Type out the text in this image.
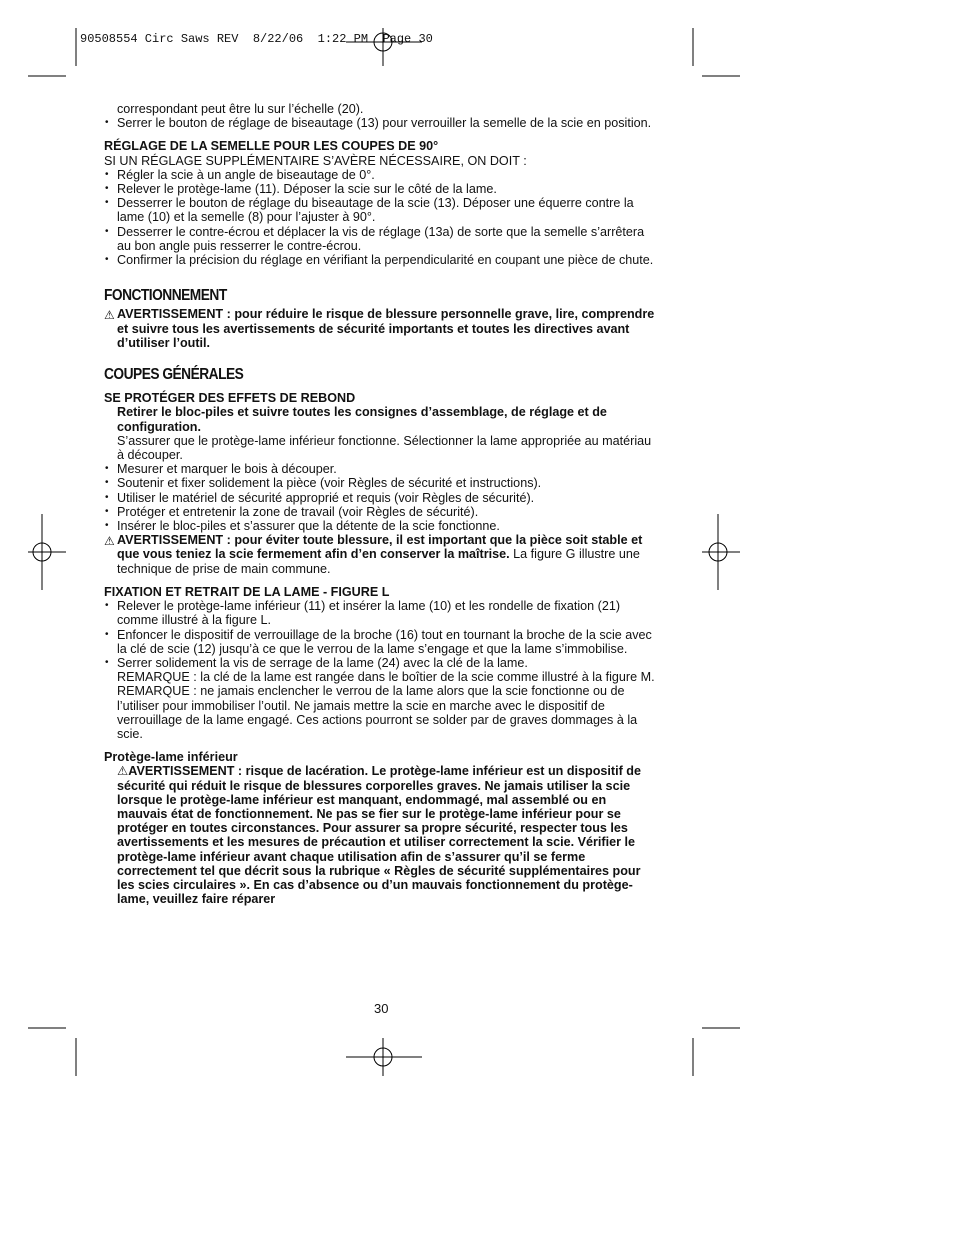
90508554 Circ Saws REV  8/22/06  1:22 PM  Page 30

correspondant peut être lu sur l’échelle (20).

• Serrer le bouton de réglage de biseautage (13) pour verrouiller la semelle de la scie en position.

RÉGLAGE DE LA SEMELLE POUR LES COUPES DE 90°

SI UN RÉGLAGE SUPPLÉMENTAIRE S’AVÈRE NÉCESSAIRE, ON DOIT :

• Régler la scie à un angle de biseautage de 0°.

• Relever le protège-lame (11). Déposer la scie sur le côté de la lame.

• Desserrer le bouton de réglage du biseautage de la scie (13). Déposer une équerre contre la lame (10) et la semelle (8) pour l’ajuster à 90°.

• Desserrer le contre-écrou et déplacer la vis de réglage (13a) de sorte que la semelle s’arrêtera au bon angle puis resserrer le contre-écrou.

• Confirmer la précision du réglage en vérifiant la perpendicularité en coupant une pièce de chute.

FONCTIONNEMENT

⚠ AVERTISSEMENT : pour réduire le risque de blessure personnelle grave, lire, comprendre et suivre tous les avertissements de sécurité importants et toutes les directives avant d’utiliser l’outil.

COUPES GÉNÉRALES

SE PROTÉGER DES EFFETS DE REBOND

Retirer le bloc-piles et suivre toutes les consignes d’assemblage, de réglage et de configuration.

S’assurer que le protège-lame inférieur fonctionne. Sélectionner la lame appropriée au matériau à découper.

• Mesurer et marquer le bois à découper.

• Soutenir et fixer solidement la pièce (voir Règles de sécurité et instructions).

• Utiliser le matériel de sécurité approprié et requis (voir Règles de sécurité).

• Protéger et entretenir la zone de travail (voir Règles de sécurité).

• Insérer le bloc-piles et s’assurer que la détente de la scie fonctionne.

⚠ AVERTISSEMENT : pour éviter toute blessure, il est important que la pièce soit stable et que vous teniez la scie fermement afin d’en conserver la maîtrise. La figure G illustre une technique de prise de main commune.

FIXATION ET RETRAIT DE LA LAME - FIGURE L

• Relever le protège-lame inférieur (11) et insérer la lame (10) et les rondelle de fixation (21) comme illustré à la figure L.

• Enfoncer le dispositif de verrouillage de la broche (16) tout en tournant la broche de la scie avec la clé de scie (12) jusqu’à ce que le verrou de la lame s’engage et que la lame s’immobilise.

• Serrer solidement la vis de serrage de la lame (24) avec la clé de la lame.

REMARQUE : la clé de la lame est rangée dans le boîtier de la scie comme illustré à la figure M.

REMARQUE : ne jamais enclencher le verrou de la lame alors que la scie fonctionne ou de l’utiliser pour immobiliser l’outil. Ne jamais mettre la scie en marche avec le dispositif de verrouillage de la lame engagé. Ces actions pourront se solder par de graves dommages à la scie.

Protège-lame inférieur

⚠AVERTISSEMENT : risque de lacération. Le protège-lame inférieur est un dispositif de sécurité qui réduit le risque de blessures corporelles graves. Ne jamais utiliser la scie lorsque le protège-lame inférieur est manquant, endommagé, mal assemblé ou en mauvais état de fonctionnement. Ne pas se fier sur le protège-lame inférieur pour se protéger en toutes circonstances. Pour assurer sa propre sécurité, respecter tous les avertissements et les mesures de précaution et utiliser correctement la scie. Vérifier le protège-lame inférieur avant chaque utilisation afin de s’assurer qu’il se ferme correctement tel que décrit sous la rubrique « Règles de sécurité supplémentaires pour les scies circulaires ». En cas d’absence ou d’un mauvais fonctionnement du protège-lame, veuillez faire réparer

30
